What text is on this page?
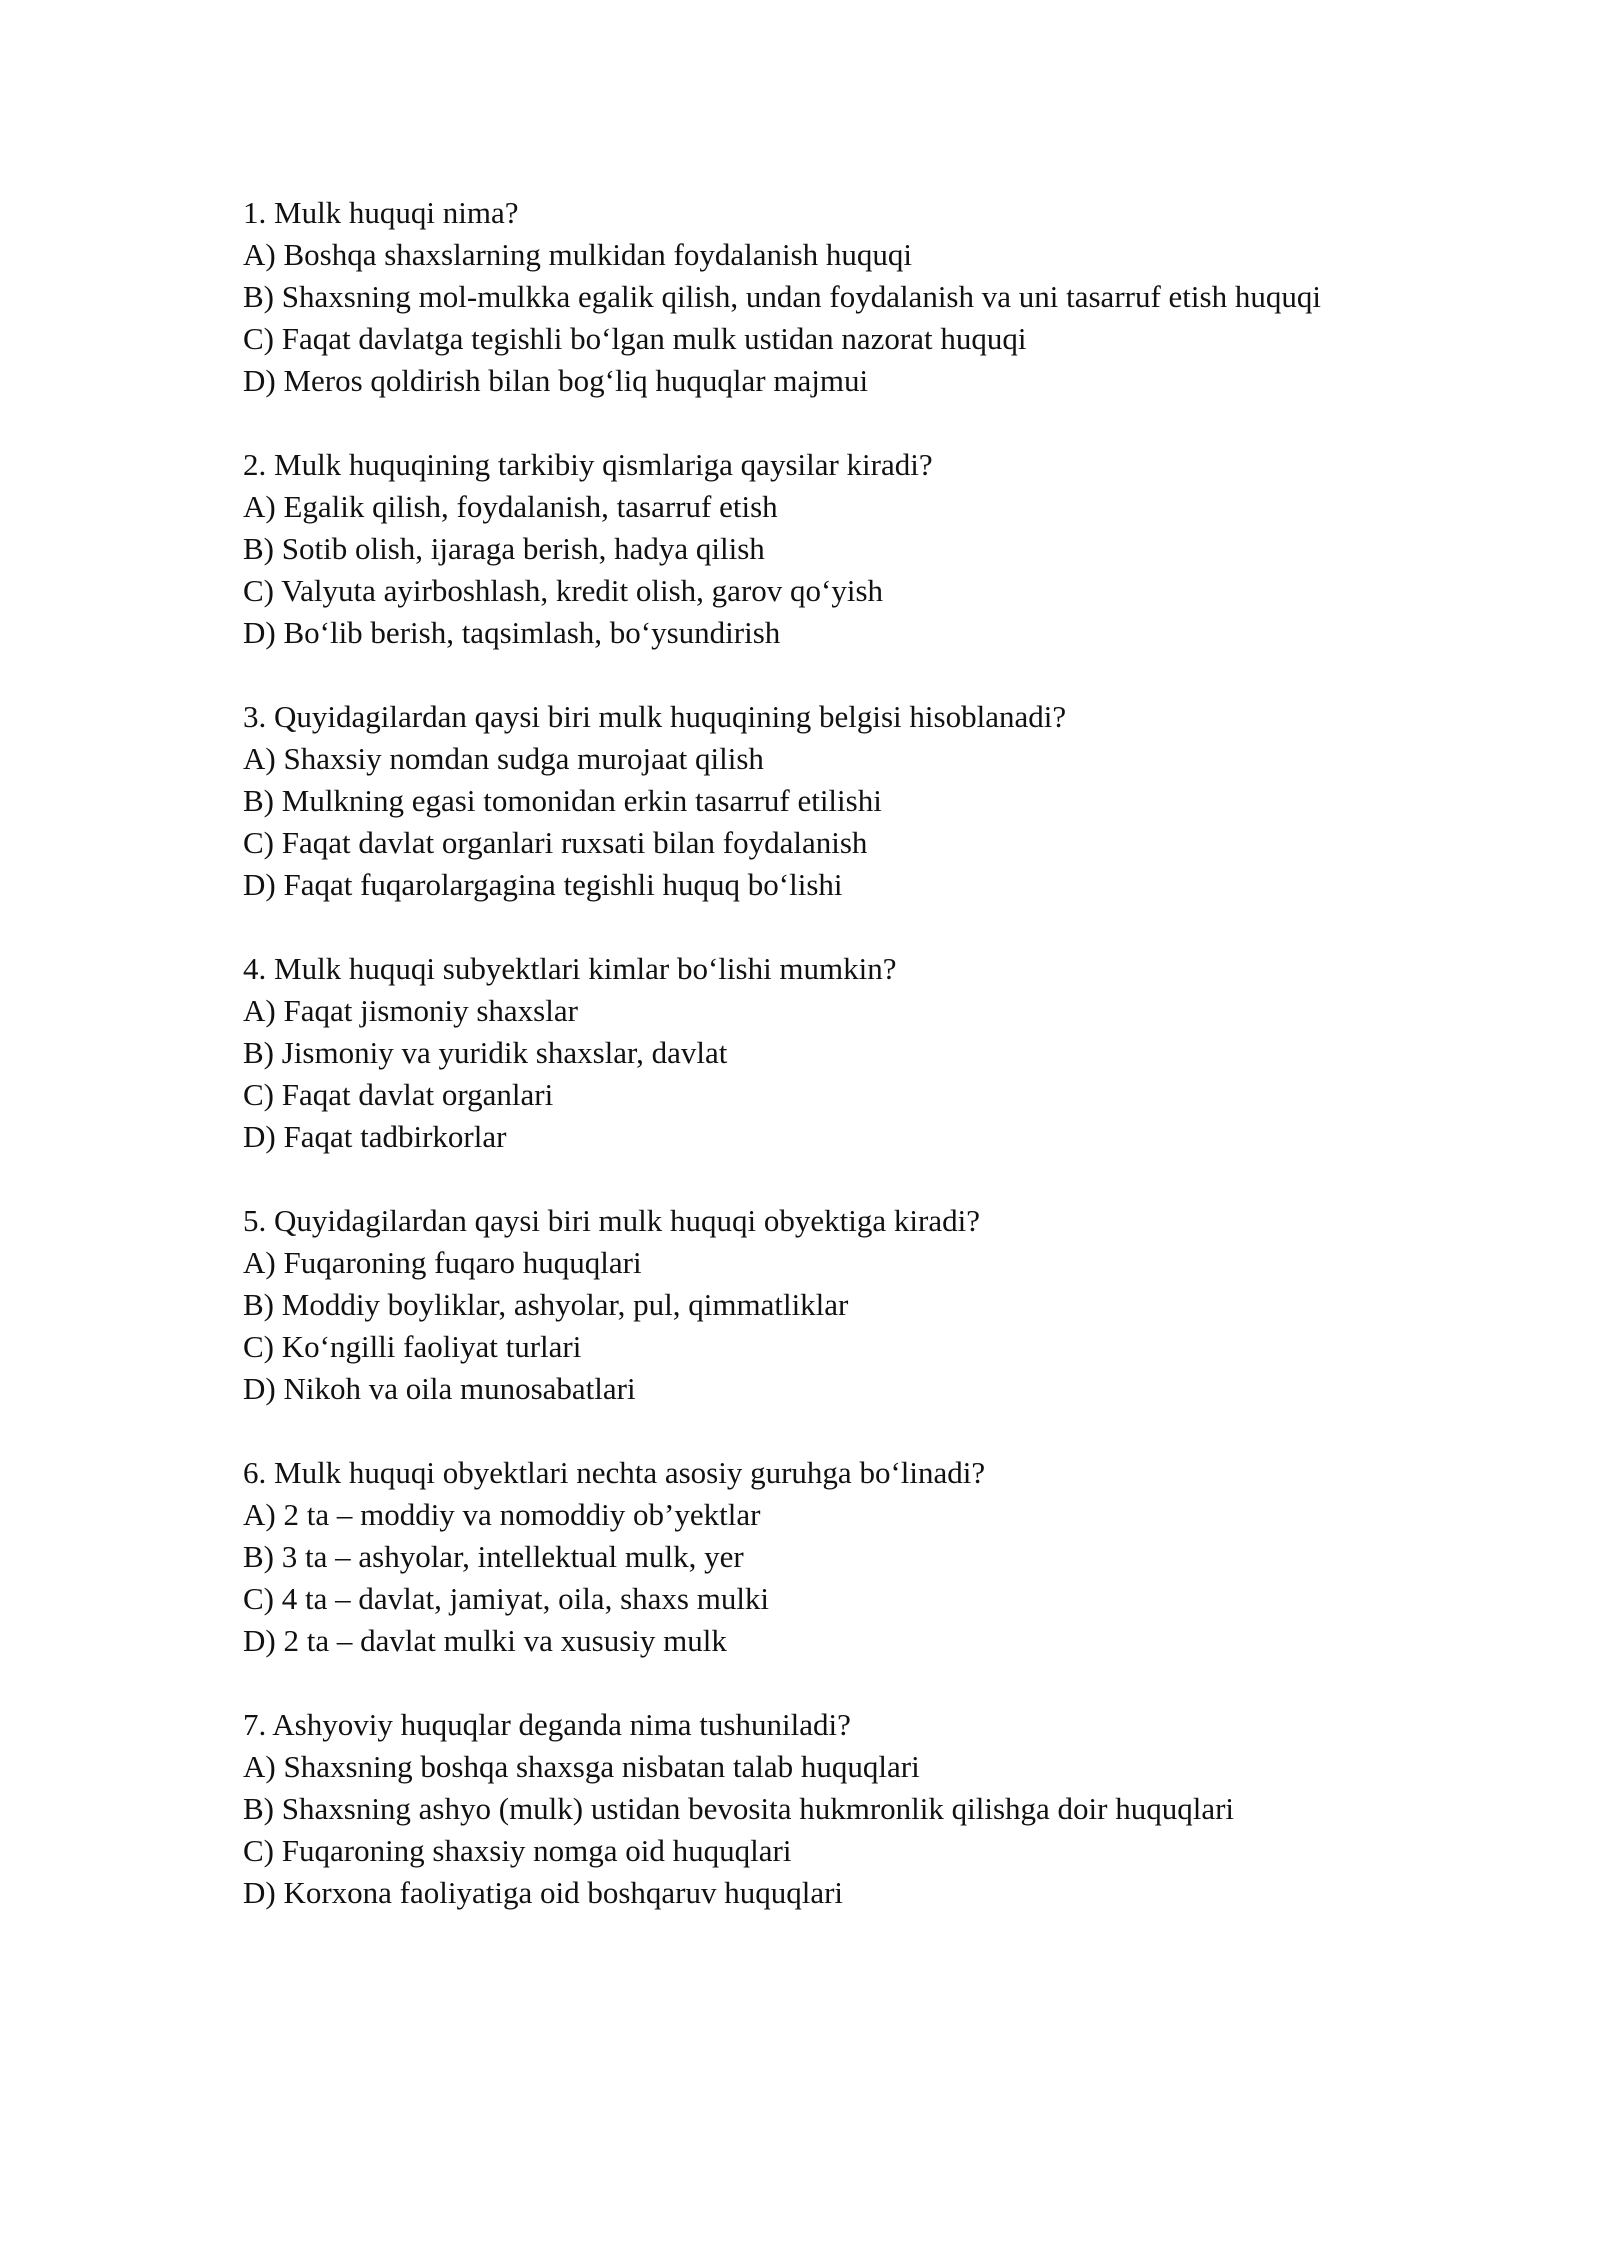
1. Mulk huquqi nima?

A) Boshqa shaxslarning mulkidan foydalanish huquqi

B) Shaxsning mol-mulkka egalik qilish, undan foydalanish va uni tasarruf etish huquqi

C) Faqat davlatga tegishli bo‘lgan mulk ustidan nazorat huquqi

D) Meros qoldirish bilan bog‘liq huquqlar majmui

2. Mulk huquqining tarkibiy qismlariga qaysilar kiradi?

A) Egalik qilish, foydalanish, tasarruf etish

B) Sotib olish, ijaraga berish, hadya qilish

C) Valyuta ayirboshlash, kredit olish, garov qo‘yish

D) Bo‘lib berish, taqsimlash, bo‘ysundirish

3. Quyidagilardan qaysi biri mulk huquqining belgisi hisoblanadi?

A) Shaxsiy nomdan sudga murojaat qilish

B) Mulkning egasi tomonidan erkin tasarruf etilishi

C) Faqat davlat organlari ruxsati bilan foydalanish

D) Faqat fuqarolargagina tegishli huquq bo‘lishi

4. Mulk huquqi subyektlari kimlar bo‘lishi mumkin?

A) Faqat jismoniy shaxslar

B) Jismoniy va yuridik shaxslar, davlat

C) Faqat davlat organlari

D) Faqat tadbirkorlar

5. Quyidagilardan qaysi biri mulk huquqi obyektiga kiradi?

A) Fuqaroning fuqaro huquqlari

B) Moddiy boyliklar, ashyolar, pul, qimmatliklar

C) Ko‘ngilli faoliyat turlari

D) Nikoh va oila munosabatlari

6. Mulk huquqi obyektlari nechta asosiy guruhga bo‘linadi?

A) 2 ta – moddiy va nomoddiy ob’yektlar

B) 3 ta – ashyolar, intellektual mulk, yer

C) 4 ta – davlat, jamiyat, oila, shaxs mulki

D) 2 ta – davlat mulki va xususiy mulk

7. Ashyoviy huquqlar deganda nima tushuniladi?

A) Shaxsning boshqa shaxsga nisbatan talab huquqlari

B) Shaxsning ashyo (mulk) ustidan bevosita hukmronlik qilishga doir huquqlari

C) Fuqaroning shaxsiy nomga oid huquqlari

D) Korxona faoliyatiga oid boshqaruv huquqlari
